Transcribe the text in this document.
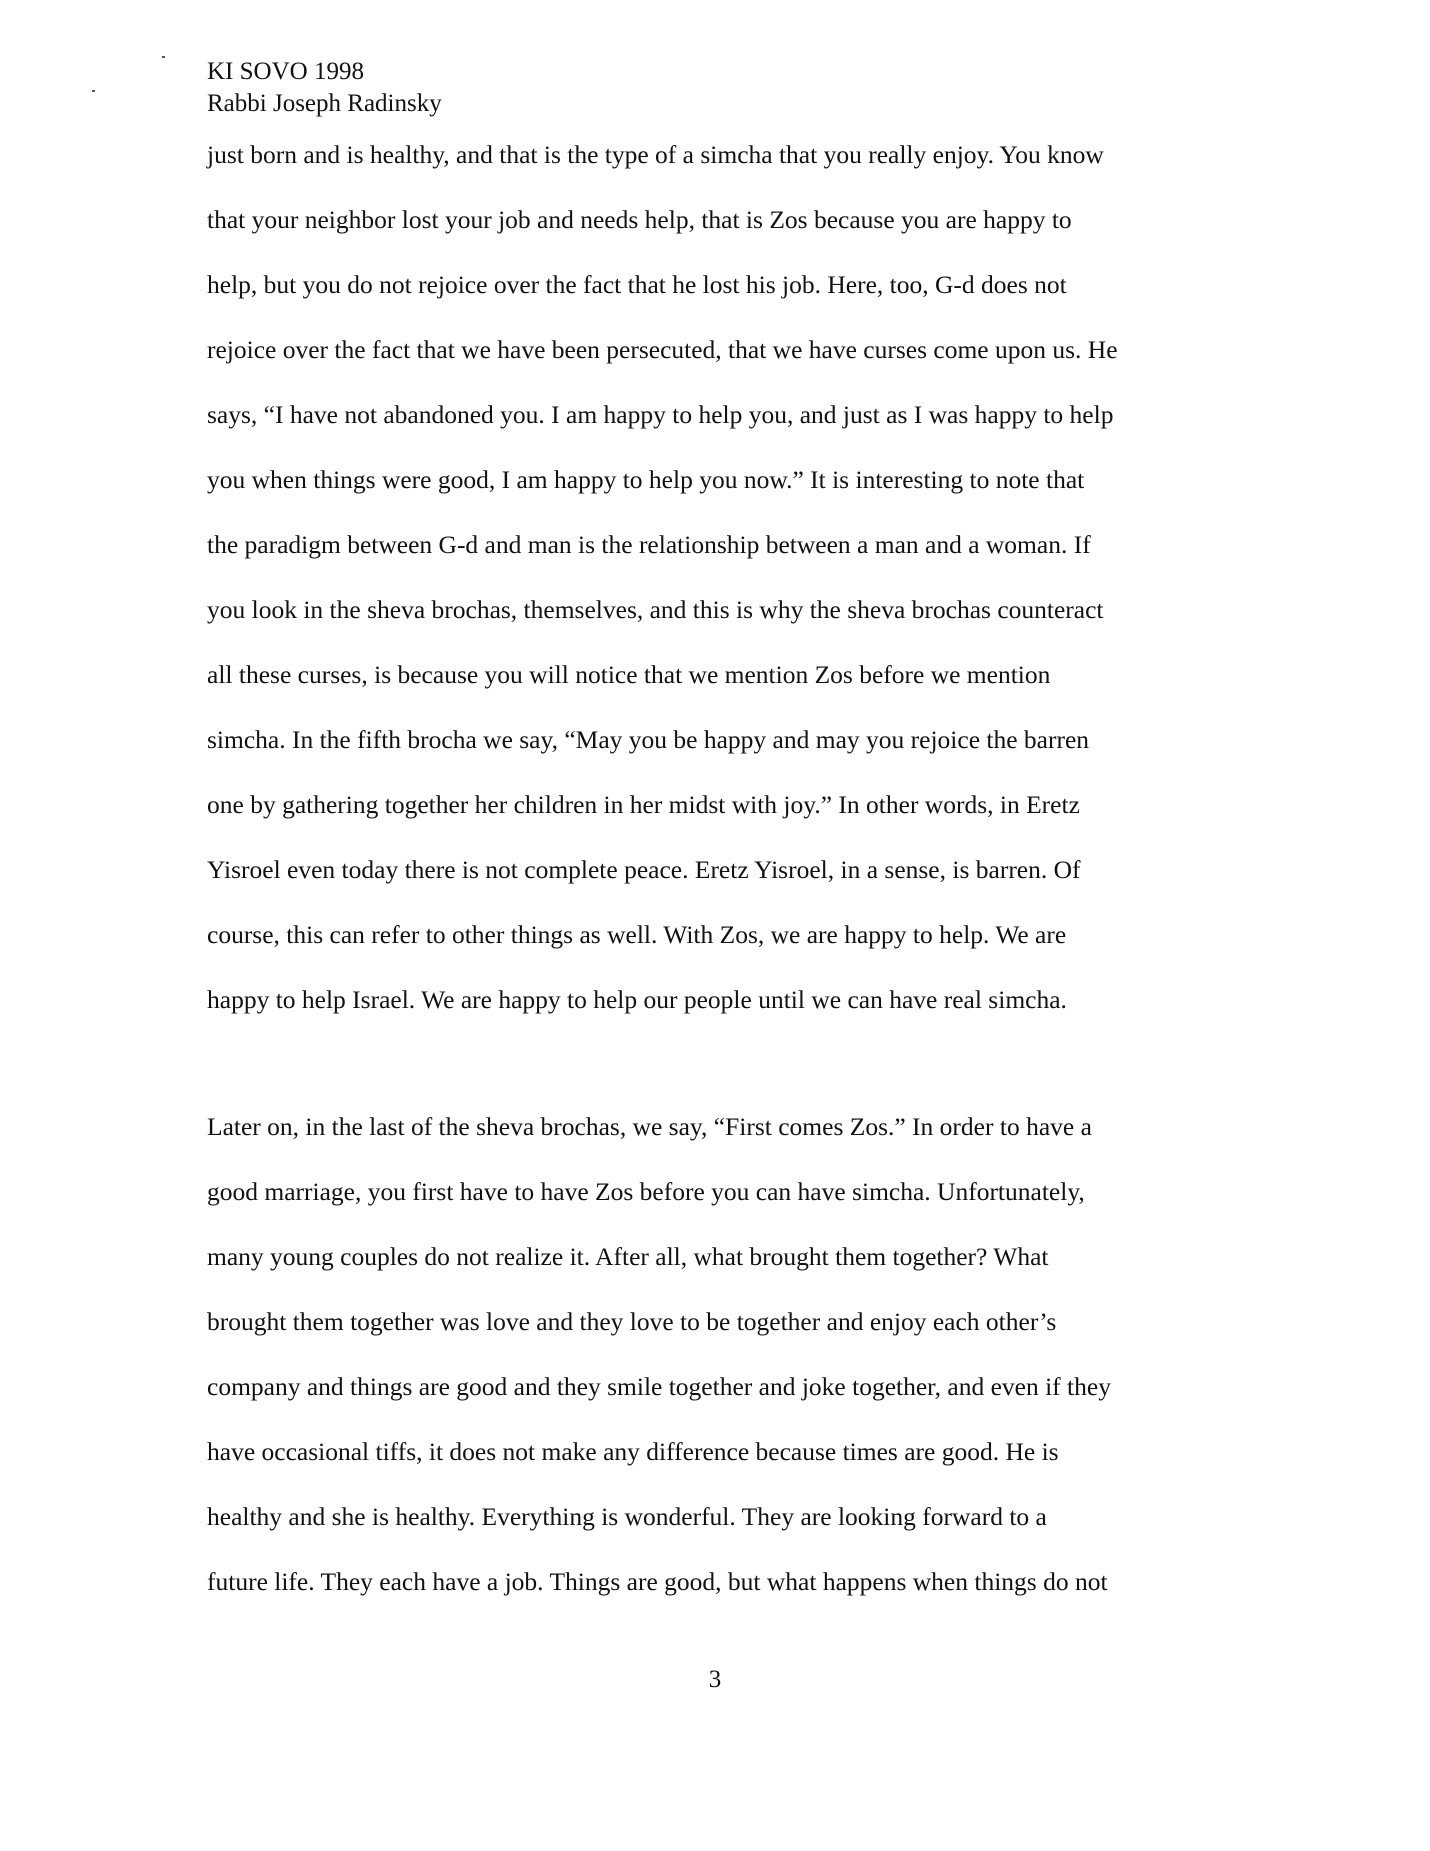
KI SOVO 1998
Rabbi Joseph Radinsky
just born and is healthy, and that is the type of a simcha that you really enjoy. You know
that your neighbor lost your job and needs help, that is Zos because you are happy to
help, but you do not rejoice over the fact that he lost his job. Here, too, G-d does not
rejoice over the fact that we have been persecuted, that we have curses come upon us. He
says, “I have not abandoned you. I am happy to help you, and just as I was happy to help
you when things were good, I am happy to help you now.” It is interesting to note that
the paradigm between G-d and man is the relationship between a man and a woman. If
you look in the sheva brochas, themselves, and this is why the sheva brochas counteract
all these curses, is because you will notice that we mention Zos before we mention
simcha. In the fifth brocha we say, “May you be happy and may you rejoice the barren
one by gathering together her children in her midst with joy.” In other words, in Eretz
Yisroel even today there is not complete peace. Eretz Yisroel, in a sense, is barren. Of
course, this can refer to other things as well. With Zos, we are happy to help. We are
happy to help Israel. We are happy to help our people until we can have real simcha.
Later on, in the last of the sheva brochas, we say, “First comes Zos.” In order to have a
good marriage, you first have to have Zos before you can have simcha. Unfortunately,
many young couples do not realize it. After all, what brought them together? What
brought them together was love and they love to be together and enjoy each other’s
company and things are good and they smile together and joke together, and even if they
have occasional tiffs, it does not make any difference because times are good. He is
healthy and she is healthy. Everything is wonderful. They are looking forward to a
future life. They each have a job. Things are good, but what happens when things do not
3
